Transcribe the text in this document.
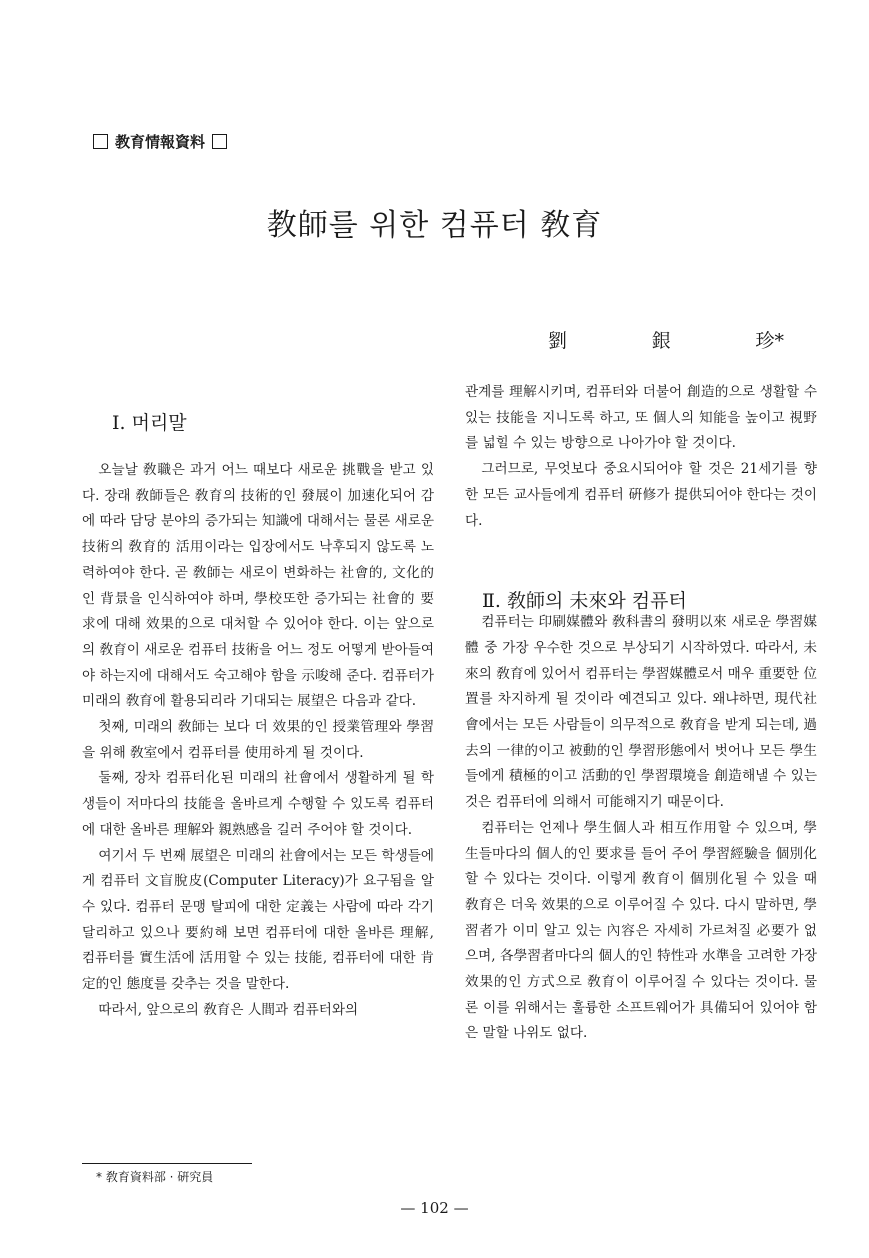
教育情報資料
教師를 위한 컴퓨터 敎育
劉	銀	珍*
Ⅰ. 머리말

오늘날 敎職은 과거 어느 때보다 새로운 挑戰을 받고 있다. 장래 敎師들은 敎育의 技術的인 發展이 加速化되어 감에 따라 담당 분야의 증가되는 知識에 대해서는 물론 새로운 技術의 敎育的 活用이라는 입장에서도 낙후되지 않도록 노력하여야 한다. 곧 敎師는 새로이 변화하는 社會的, 文化的인 背景을 인식하여야 하며, 學校또한 증가되는 社會的 要求에 대해 效果的으로 대처할 수 있어야 한다. 이는 앞으로의 敎育이 새로운 컴퓨터 技術을 어느 정도 어떻게 받아들여야 하는지에 대해서도 숙고해야 함을 示唆해 준다. 컴퓨터가 미래의 敎育에 활용되리라 기대되는 展望은 다음과 같다.

첫째, 미래의 敎師는 보다 더 效果的인 授業管理와 學習을 위해 敎室에서 컴퓨터를 使用하게 될 것이다.

둘째, 장차 컴퓨터化된 미래의 社會에서 생활하게 될 학생들이 저마다의 技能을 올바르게 수행할 수 있도록 컴퓨터에 대한 올바른 理解와 親熟感을 길러 주어야 할 것이다.

여기서 두 번째 展望은 미래의 社會에서는 모든 학생들에게 컴퓨터 文盲脫皮(Computer Literacy)가 요구됨을 알 수 있다. 컴퓨터 문맹 탈피에 대한 定義는 사람에 따라 각기 달리하고 있으나 要約해 보면 컴퓨터에 대한 올바른 理解, 컴퓨터를 實生活에 活用할 수 있는 技能, 컴퓨터에 대한 肯定的인 態度를 갖추는 것을 말한다.

따라서, 앞으로의 敎育은 人間과 컴퓨터와의

관계를 理解시키며, 컴퓨터와 더불어 創造的으로 생활할 수 있는 技能을 지니도록 하고, 또 個人의 知能을 높이고 視野를 넓힐 수 있는 방향으로 나아가야 할 것이다.

그러므로, 무엇보다 중요시되어야 할 것은 21세기를 향한 모든 교사들에게 컴퓨터 硏修가 提供되어야 한다는 것이다.

컴퓨터는 印刷媒體와 敎科書의 發明以來 새로운 學習媒體 중 가장 우수한 것으로 부상되기 시작하였다. 따라서, 未來의 敎育에 있어서 컴퓨터는 學習媒體로서 매우 重要한 位置를 차지하게 될 것이라 예견되고 있다. 왜냐하면, 現代社會에서는 모든 사람들이 의무적으로 敎育을 받게 되는데, 過去의 一律的이고 被動的인 學習形態에서 벗어나 모든 學生들에게 積極的이고 活動的인 學習環境을 創造해낼 수 있는 것은 컴퓨터에 의해서 可能해지기 때문이다.

컴퓨터는 언제나 學生個人과 相互作用할 수 있으며, 學生들마다의 個人的인 要求를 들어 주어 學習經驗을 個別化할 수 있다는 것이다. 이렇게 敎育이 個別化될 수 있을 때 敎育은 더욱 效果的으로 이루어질 수 있다. 다시 말하면, 學習者가 이미 알고 있는 內容은 자세히 가르쳐질 必要가 없으며, 各學習者마다의 個人的인 特性과 水準을 고려한 가장 效果的인 方式으로 敎育이 이루어질 수 있다는 것이다. 물론 이를 위해서는 훌륭한 소프트웨어가 具備되어 있어야 함은 말할 나위도 없다.

Ⅱ. 敎師의 未來와 컴퓨터
* 敎育資料部 · 硏究員
— 102 —
